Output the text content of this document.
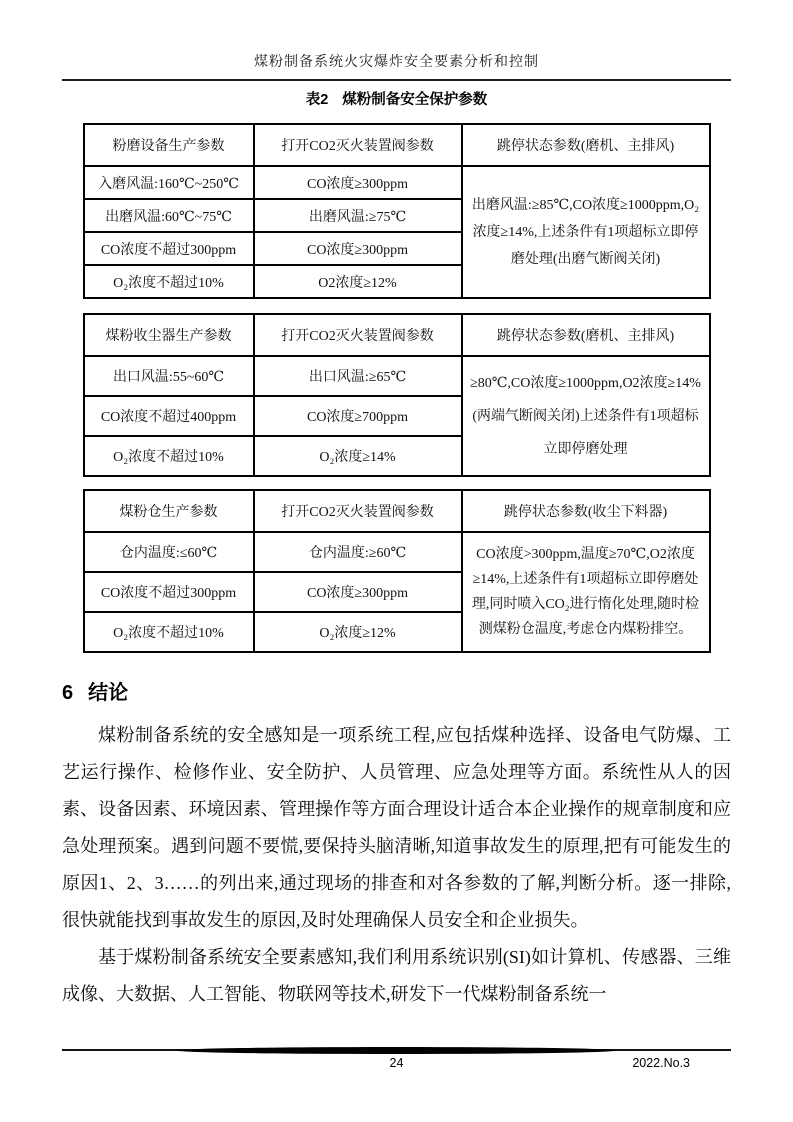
煤粉制备系统火灾爆炸安全要素分析和控制
表2 煤粉制备安全保护参数
粉磨设备生产参数	打开CO2灭火装置阀参数	跳停状态参数(磨机、主排风)
入磨风温:160℃~250℃	CO浓度≥300ppm	出磨风温:≥85℃,CO浓度≥1000ppm,O₂浓度≥14%,上述条件有1项超标立即停磨处理(出磨气断阀关闭)
出磨风温:60℃~75℃	出磨风温:≥75℃	
CO浓度不超过300ppm	CO浓度≥300ppm	
O₂浓度不超过10%	O2浓度≥12%	
煤粉收尘器生产参数	打开CO2灭火装置阀参数	跳停状态参数(磨机、主排风)
出口风温:55~60℃	出口风温:≥65℃	≥80℃,CO浓度≥1000ppm,O2浓度≥14%(两端气断阀关闭)上述条件有1项超标立即停磨处理
CO浓度不超过400ppm	CO浓度≥700ppm	
O₂浓度不超过10%	O₂浓度≥14%	
煤粉仓生产参数	打开CO2灭火装置阀参数	跳停状态参数(收尘下料器)
仓内温度:≤60℃	仓内温度:≥60℃	CO浓度>300ppm,温度≥70℃,O2浓度≥14%,上述条件有1项超标立即停磨处理,同时喷入CO₂进行惰化处理,随时检测煤粉仓温度,考虑仓内煤粉排空。
CO浓度不超过300ppm	CO浓度≥300ppm	
O₂浓度不超过10%	O₂浓度≥12%	
6 结论

煤粉制备系统的安全感知是一项系统工程,应包括煤种选择、设备电气防爆、工艺运行操作、检修作业、安全防护、人员管理、应急处理等方面。系统性从人的因素、设备因素、环境因素、管理操作等方面合理设计适合本企业操作的规章制度和应急处理预案。遇到问题不要慌,要保持头脑清晰,知道事故发生的原理,把有可能发生的原因1、2、3……的列出来,通过现场的排查和对各参数的了解,判断分析。逐一排除,很快就能找到事故发生的原因,及时处理确保人员安全和企业损失。

基于煤粉制备系统安全要素感知,我们利用系统识别(SI)如计算机、传感器、三维成像、大数据、人工智能、物联网等技术,研发下一代煤粉制备系统一

24	2022.No.3
